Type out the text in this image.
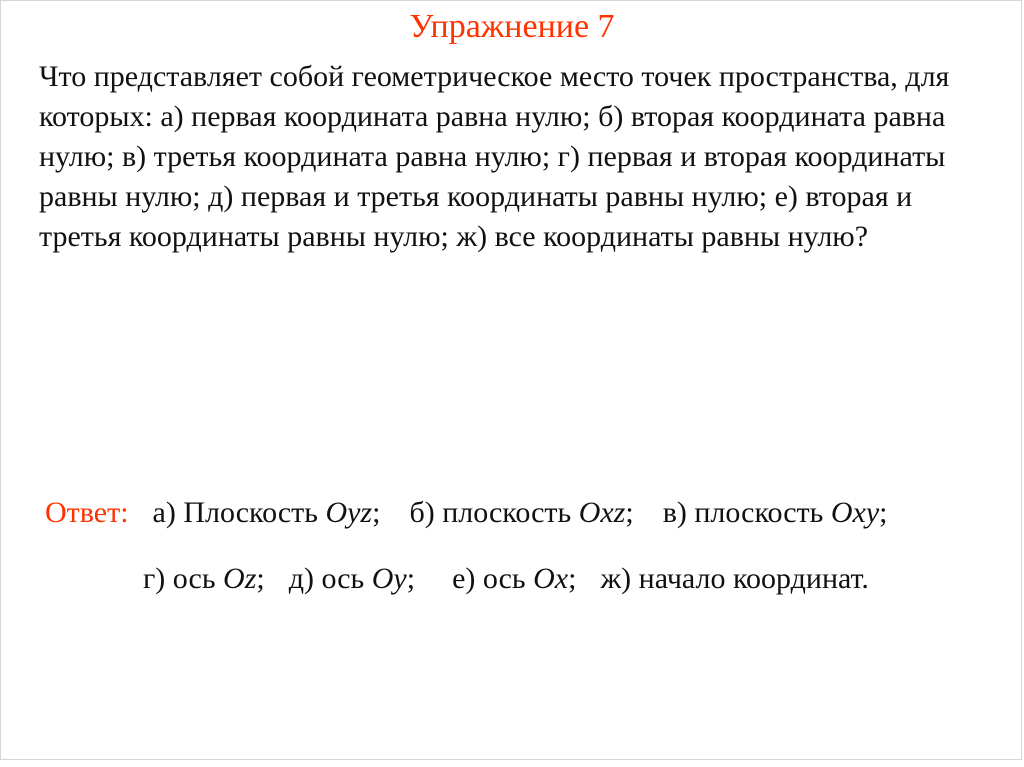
Упражнение 7
Что представляет собой геометрическое место точек пространства, для которых: а) первая координата равна нулю; б) вторая координата равна нулю; в) третья координата равна нулю; г) первая и вторая координаты равны нулю; д) первая и третья координаты равны нулю; е) вторая и третья координаты равны нулю; ж) все координаты равны нулю?
Ответ: а) Плоскость Oyz; б) плоскость Oxz; в) плоскость Oxy;
г) ось Oz; д) ось Oy; е) ось Ox; ж) начало координат.
